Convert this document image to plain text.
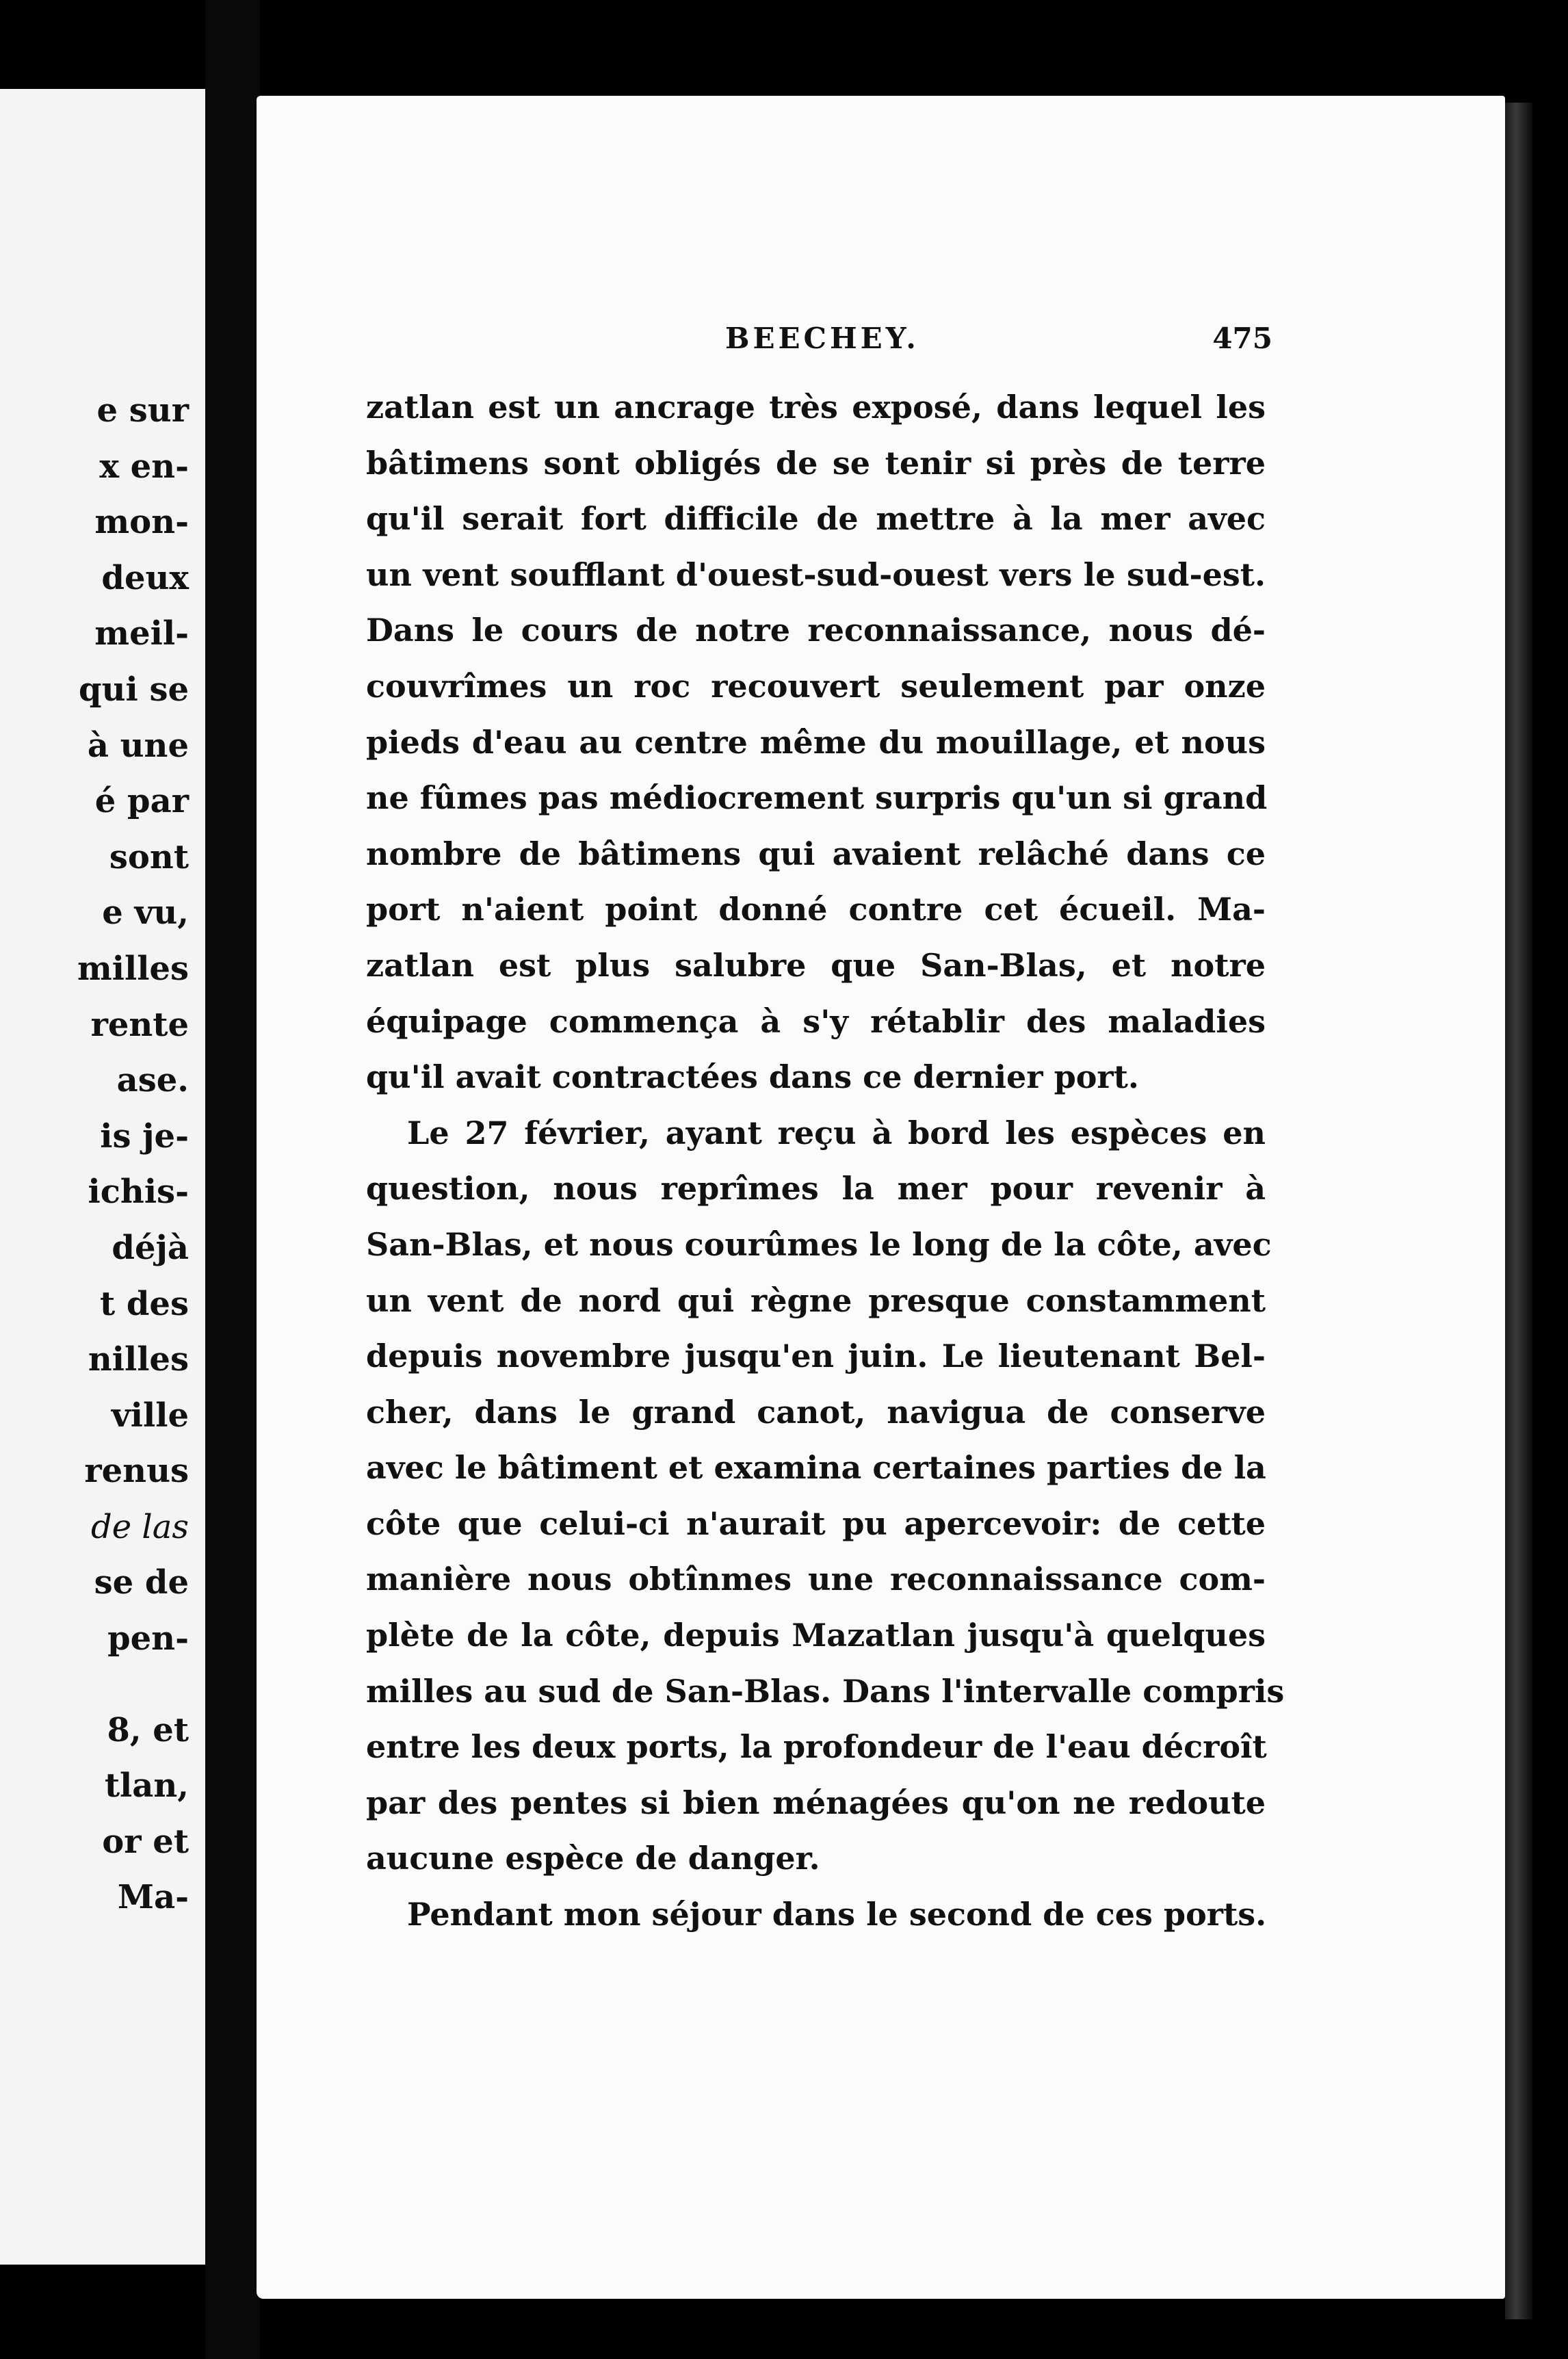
e sur
x en-
mon-
deux
meil-
qui se
à une
é par
sont
e vu,
milles
rente
ase.
is je-
ichis-
déjà
t des
nilles
ville
renus
de las
se de
pen-
8, et
tlan,
or et
Ma-
BEECHEY.	475
zatlan est un ancrage très exposé, dans lequel les
bâtimens sont obligés de se tenir si près de terre
qu'il serait fort difficile de mettre à la mer avec
un vent soufflant d'ouest-sud-ouest vers le sud-est.
Dans le cours de notre reconnaissance, nous dé-
couvrîmes un roc recouvert seulement par onze
pieds d'eau au centre même du mouillage, et nous
ne fûmes pas médiocrement surpris qu'un si grand
nombre de bâtimens qui avaient relâché dans ce
port n'aient point donné contre cet écueil. Ma-
zatlan est plus salubre que San-Blas, et notre
équipage commença à s'y rétablir des maladies
qu'il avait contractées dans ce dernier port.
Le 27 février, ayant reçu à bord les espèces en
question, nous reprîmes la mer pour revenir à
San-Blas, et nous courûmes le long de la côte, avec
un vent de nord qui règne presque constamment
depuis novembre jusqu'en juin. Le lieutenant Bel-
cher, dans le grand canot, navigua de conserve
avec le bâtiment et examina certaines parties de la
côte que celui-ci n'aurait pu apercevoir: de cette
manière nous obtînmes une reconnaissance com-
plète de la côte, depuis Mazatlan jusqu'à quelques
milles au sud de San-Blas. Dans l'intervalle compris
entre les deux ports, la profondeur de l'eau décroît
par des pentes si bien ménagées qu'on ne redoute
aucune espèce de danger.
Pendant mon séjour dans le second de ces ports.
